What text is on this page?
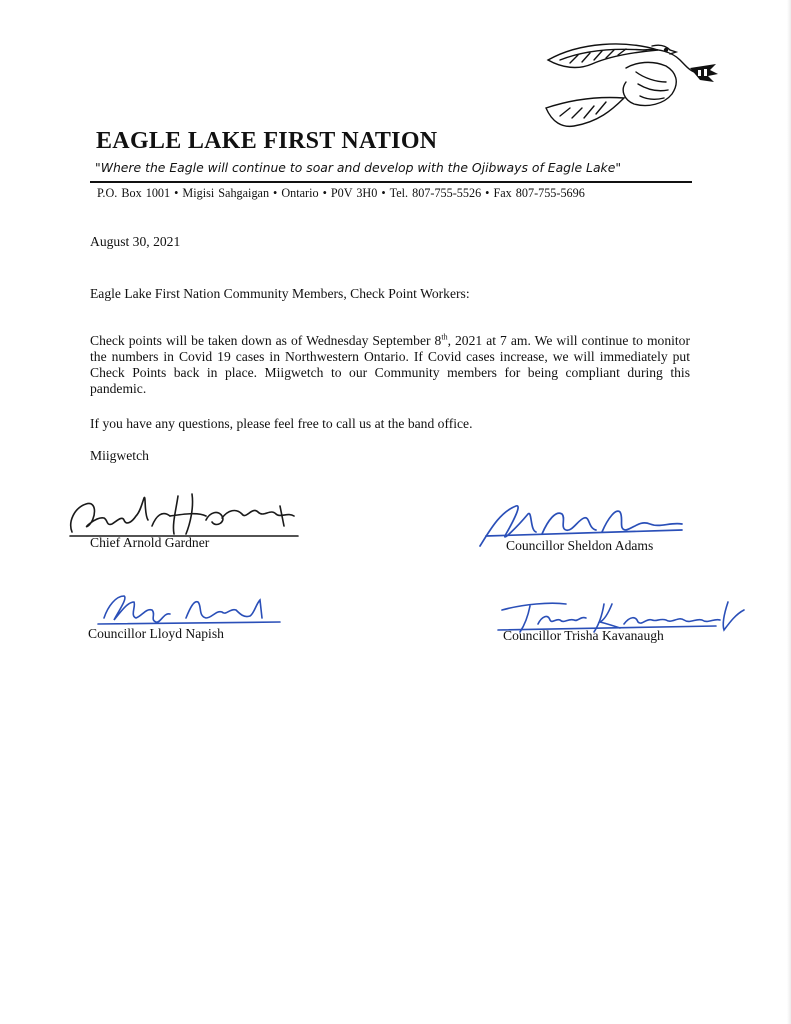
EAGLE LAKE FIRST NATION
"Where the Eagle will continue to soar and develop with the Ojibways of Eagle Lake"
P.O. Box 1001 • Migisi Sahgaigan • Ontario • P0V 3H0 • Tel. 807-755-5526 • Fax 807-755-5696
August 30, 2021
Eagle Lake First Nation Community Members, Check Point Workers:
Check points will be taken down as of Wednesday September 8th, 2021 at 7 am. We will continue to monitor the numbers in Covid 19 cases in Northwestern Ontario. If Covid cases increase, we will immediately put Check Points back in place. Miigwetch to our Community members for being compliant during this pandemic.
If you have any questions, please feel free to call us at the band office.
Miigwetch
Chief Arnold Gardner	Councillor Sheldon Adams
Councillor Lloyd Napish	Councillor Trisha Kavanaugh
